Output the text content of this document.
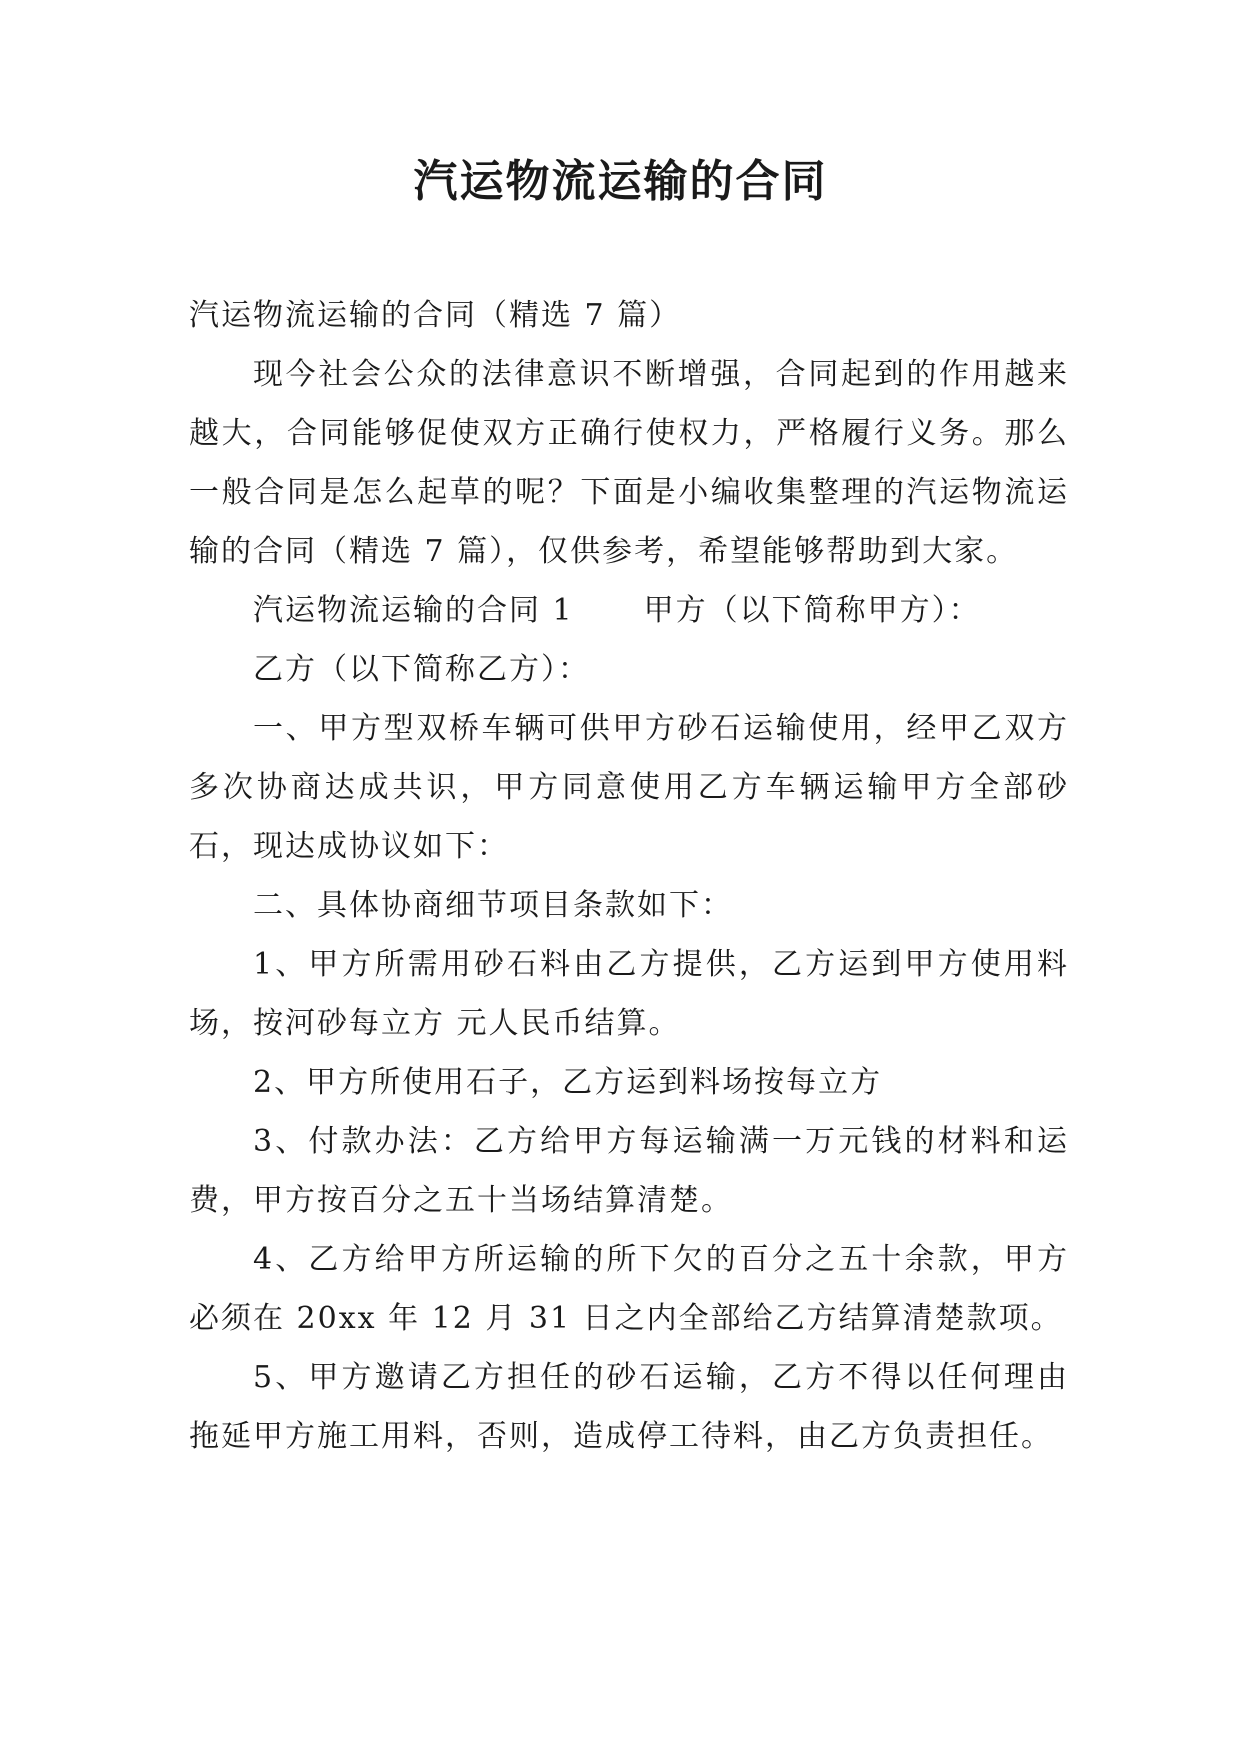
汽运物流运输的合同

汽运物流运输的合同（精选 7 篇）

现今社会公众的法律意识不断增强，合同起到的作用越来越大，合同能够促使双方正确行使权力，严格履行义务。那么一般合同是怎么起草的呢？下面是小编收集整理的汽运物流运输的合同（精选 7 篇），仅供参考，希望能够帮助到大家。

汽运物流运输的合同 1 甲方（以下简称甲方）：

乙方（以下简称乙方）：

一、甲方型双桥车辆可供甲方砂石运输使用，经甲乙双方多次协商达成共识，甲方同意使用乙方车辆运输甲方全部砂石，现达成协议如下：

二、具体协商细节项目条款如下：

1、甲方所需用砂石料由乙方提供，乙方运到甲方使用料场，按河砂每立方 元人民币结算。

2、甲方所使用石子，乙方运到料场按每立方

3、付款办法：乙方给甲方每运输满一万元钱的材料和运费，甲方按百分之五十当场结算清楚。

4、乙方给甲方所运输的所下欠的百分之五十余款，甲方必须在 20xx 年 12 月 31 日之内全部给乙方结算清楚款项。

5、甲方邀请乙方担任的砂石运输，乙方不得以任何理由拖延甲方施工用料，否则，造成停工待料，由乙方负责担任。
